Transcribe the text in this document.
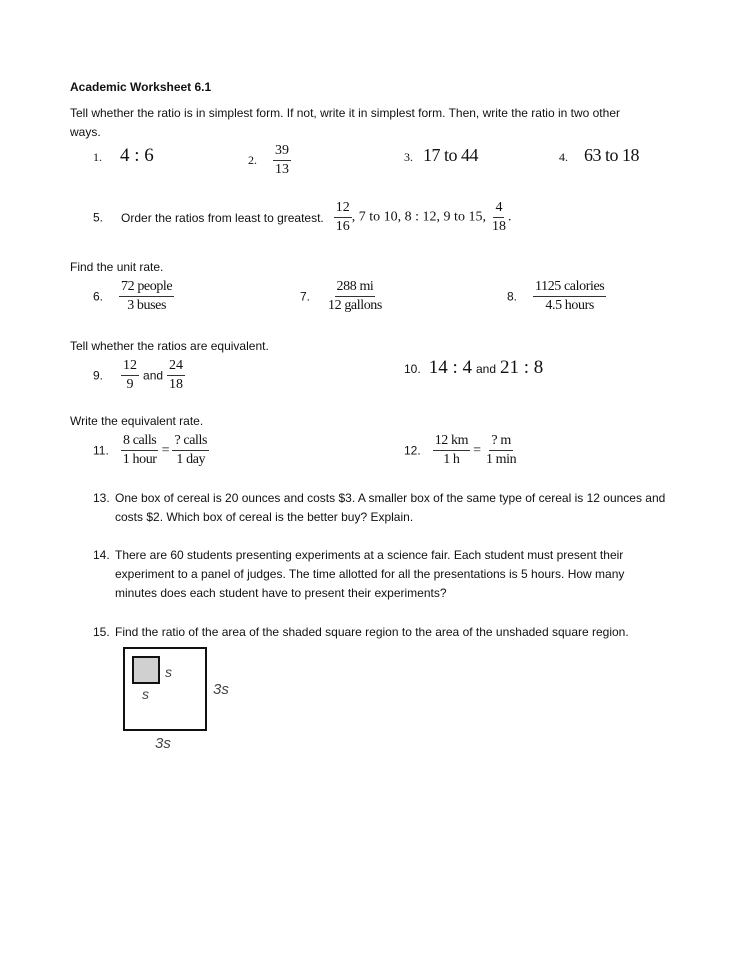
Academic Worksheet 6.1
Tell whether the ratio is in simplest form. If not, write it in simplest form. Then, write the ratio in two other
ways.
1. 4 : 6	2. $\frac{39}{13}$	3. 17 to 44	4. 63 to 18
5. Order the ratios from least to greatest. $\frac{12}{16}$ , 7 to 10, 8 : 12, 9 to 15, $\frac{4}{18}$ .
Find the unit rate.
6. $\frac{\text{72 people}}{\text{3 buses}}$	7. $\frac{288 mi}{\text{12 gallons}}$	8. $\frac{\text{1125 calories}}{\text{4.5 hours}}$
Tell whether the ratios are equivalent.
9. $\frac{12}{9}$ and $\frac{24}{18}$	10. 14 : 4 and 21 : 8
Write the equivalent rate.
11. $\frac{\text{8 calls}}{\text{1 hour}} = \frac{\text{? calls}}{\text{1 day}}$	12. $\frac{12 km}{1 h} = \frac{? m}{1 \min}$
13. One box of cereal is 20 ounces and costs $3. A smaller box of the same type of cereal is 12 ounces and
costs $2. Which box of cereal is the better buy? Explain.
14. There are 60 students presenting experiments at a science fair. Each student must present their
experiment to a panel of judges. The time allotted for all the presentations is 5 hours. How many
minutes does each student have to present their experiments?
15. Find the ratio of the area of the shaded square region to the area of the unshaded square region.
s
s	3s
3s
